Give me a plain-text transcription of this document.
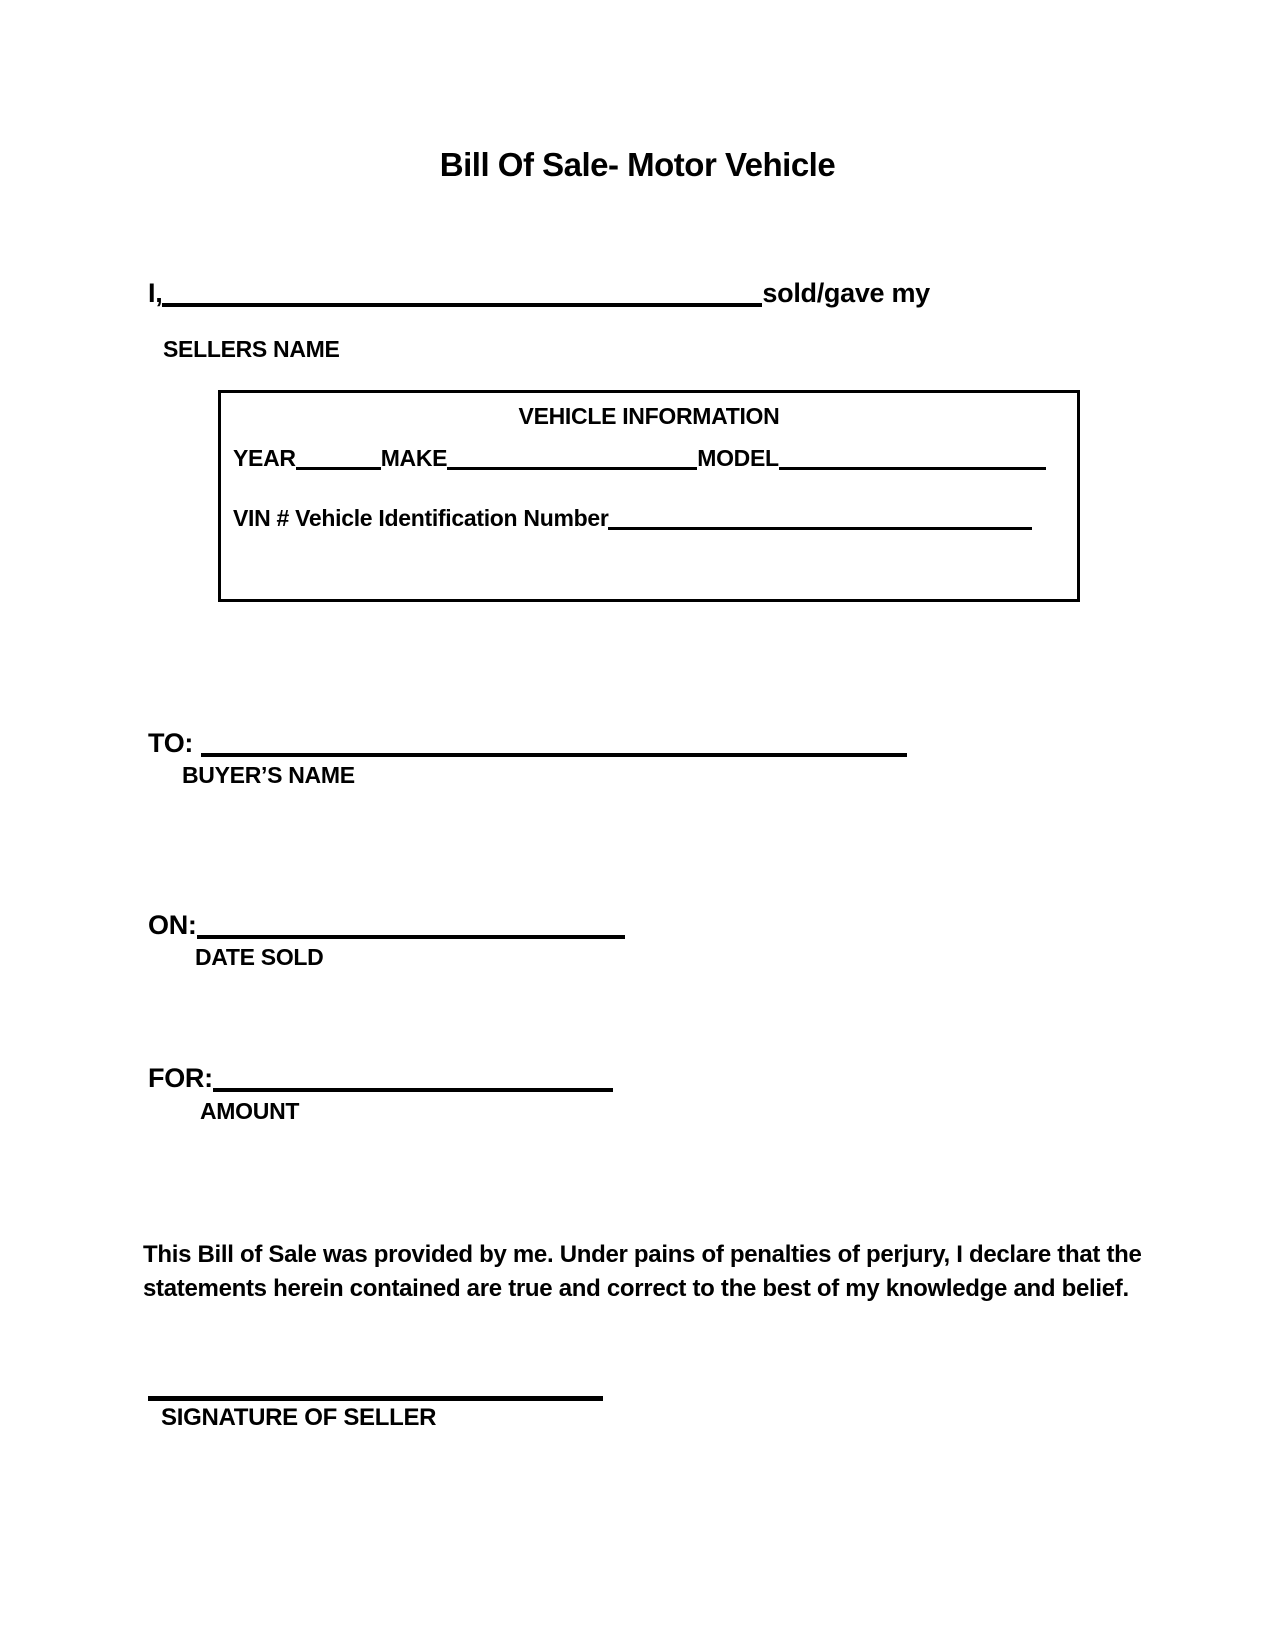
Bill Of Sale- Motor Vehicle
I,	sold/gave my
SELLERS NAME
VEHICLE INFORMATION
YEAR	MAKE	MODEL
VIN # Vehicle Identification Number
TO:
BUYER’S NAME
ON:
DATE SOLD
FOR:
AMOUNT
This Bill of Sale was provided by me. Under pains of penalties of perjury, I declare that the
statements herein contained are true and correct to the best of my knowledge and belief.
SIGNATURE OF SELLER
